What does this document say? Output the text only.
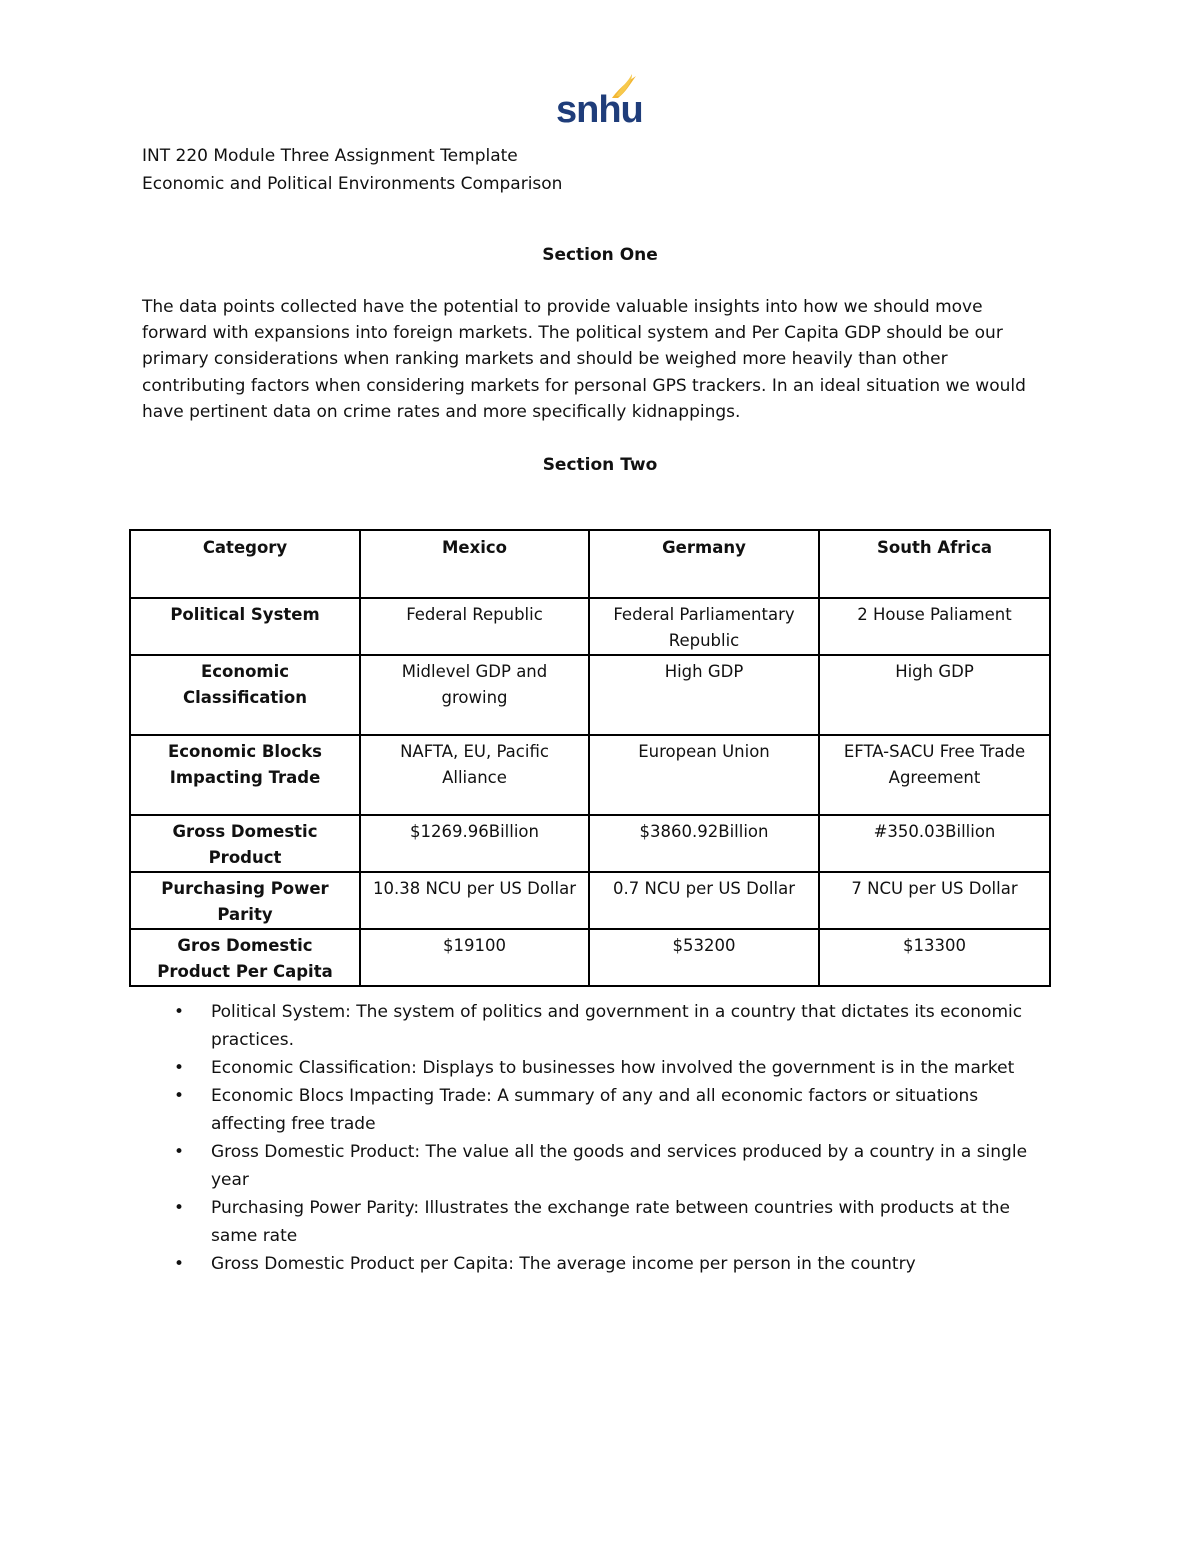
snhu
INT 220 Module Three Assignment Template
Economic and Political Environments Comparison
Section One
The data points collected have the potential to provide valuable insights into how we should move
forward with expansions into foreign markets. The political system and Per Capita GDP should be our
primary considerations when ranking markets and should be weighed more heavily than other
contributing factors when considering markets for personal GPS trackers. In an ideal situation we would
have pertinent data on crime rates and more specifically kidnappings.
Section Two
Category	Mexico	Germany	South Africa
Political System	Federal Republic	Federal Parliamentary Republic	2 House Paliament
Economic Classification	Midlevel GDP and growing	High GDP	High GDP
Economic Blocks Impacting Trade	NAFTA, EU, Pacific Alliance	European Union	EFTA-SACU Free Trade Agreement
Gross Domestic Product	$1269.96Billion	$3860.92Billion	#350.03Billion
Purchasing Power Parity	10.38 NCU per US Dollar	0.7 NCU per US Dollar	7 NCU per US Dollar
Gros Domestic Product Per Capita	$19100	$53200	$13300
• Political System: The system of politics and government in a country that dictates its economic practices.
• Economic Classification: Displays to businesses how involved the government is in the market
• Economic Blocs Impacting Trade: A summary of any and all economic factors or situations affecting free trade
• Gross Domestic Product: The value all the goods and services produced by a country in a single year
• Purchasing Power Parity: Illustrates the exchange rate between countries with products at the same rate
• Gross Domestic Product per Capita: The average income per person in the country
